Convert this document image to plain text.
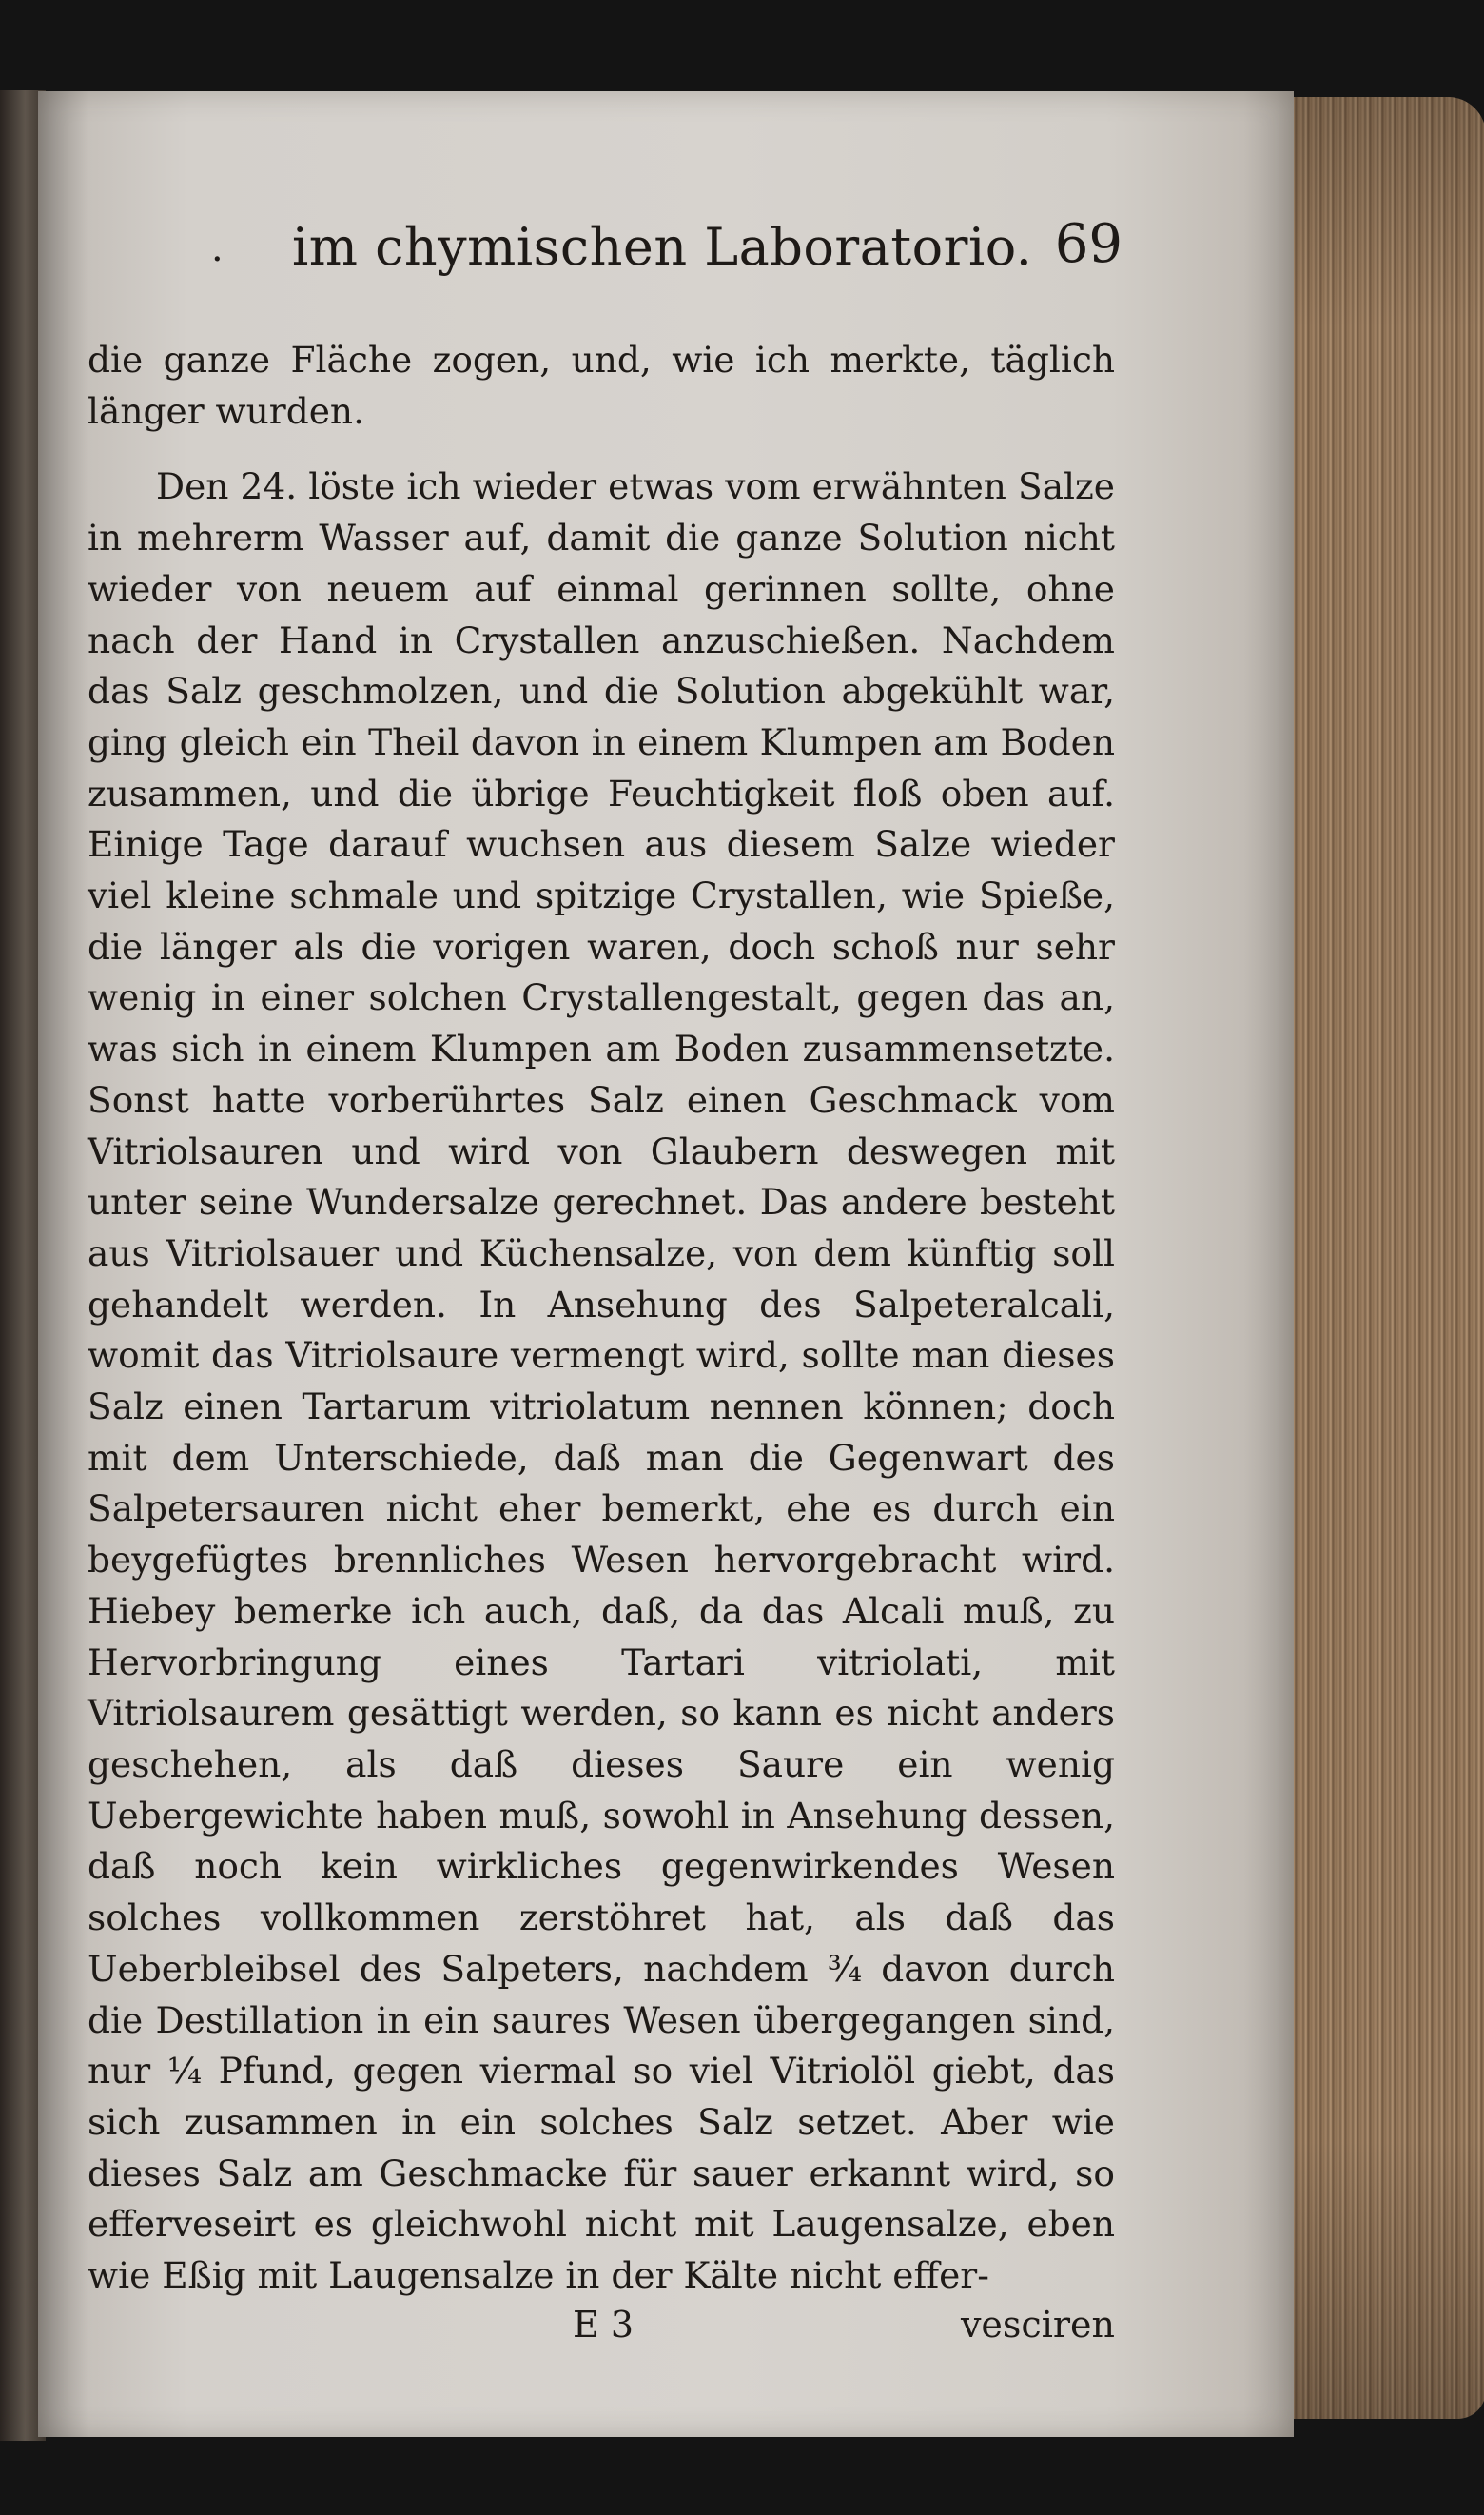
· im chymischen Laboratorio. 69

die ganze Fläche zogen, und, wie ich merkte, täglich länger wurden.

Den 24. löste ich wieder etwas vom erwähnten Salze in mehrerm Wasser auf, damit die ganze Solution nicht wieder von neuem auf einmal gerinnen sollte, ohne nach der Hand in Crystallen anzuschießen. Nachdem das Salz geschmolzen, und die Solution abgekühlt war, ging gleich ein Theil davon in einem Klumpen am Boden zusammen, und die übrige Feuchtigkeit floß oben auf. Einige Tage darauf wuchsen aus diesem Salze wieder viel kleine schmale und spitzige Crystallen, wie Spieße, die länger als die vorigen waren, doch schoß nur sehr wenig in einer solchen Crystallengestalt, gegen das an, was sich in einem Klumpen am Boden zusammensetzte. Sonst hatte vorberührtes Salz einen Geschmack vom Vitriolsauren und wird von Glaubern deswegen mit unter seine Wundersalze gerechnet. Das andere besteht aus Vitriolsauer und Küchensalze, von dem künftig soll gehandelt werden. In Ansehung des Salpeteralcali, womit das Vitriolsaure vermengt wird, sollte man dieses Salz einen Tartarum vitriolatum nennen können; doch mit dem Unterschiede, daß man die Gegenwart des Salpetersauren nicht eher bemerkt, ehe es durch ein beygefügtes brennliches Wesen hervorgebracht wird. Hiebey bemerke ich auch, daß, da das Alcali muß, zu Hervorbringung eines Tartari vitriolati, mit Vitriolsaurem gesättigt werden, so kann es nicht anders geschehen, als daß dieses Saure ein wenig Uebergewichte haben muß, sowohl in Ansehung dessen, daß noch kein wirkliches gegenwirkendes Wesen solches vollkommen zerstöhret hat, als daß das Ueberbleibsel des Salpeters, nachdem ¾ davon durch die Destillation in ein saures Wesen übergegangen sind, nur ¼ Pfund, gegen viermal so viel Vitriolöl giebt, das sich zusammen in ein solches Salz setzet. Aber wie dieses Salz am Geschmacke für sauer erkannt wird, so efferveseirt es gleichwohl nicht mit Laugensalze, eben wie Eßig mit Laugensalze in der Kälte nicht effer-

E 3	vesciren
